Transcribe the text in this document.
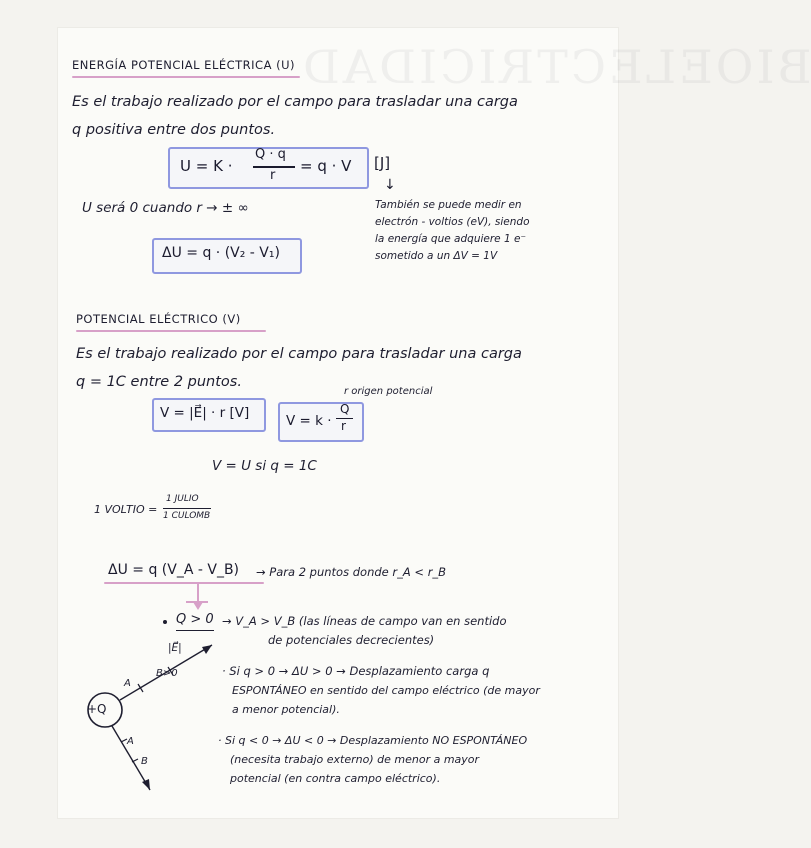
BIOELECTRICIDAD
ENERGÍA POTENCIAL ELÉCTRICA (U)
Es el trabajo realizado por el campo para trasladar una carga
q positiva entre dos puntos.
U = K ·
Q · q
r
= q · V [J]
↓
También se puede medir en
electrón - voltios (eV), siendo
la energía que adquiere 1 e⁻
sometido a un ΔV = 1V
U será 0 cuando r → ± ∞
ΔU = q · (V₂ - V₁)
POTENCIAL ELÉCTRICO (V)
Es el trabajo realizado por el campo para trasladar una carga
q = 1C entre 2 puntos.
V = |E⃗| · r [V]	V = k ·
Q
r
r origen potencial
V = U si q = 1C
1 VOLTIO =
1 JULIO
1 CULOMB
ΔU = q (V_A - V_B) → Para 2 puntos donde r_A < r_B
Q > 0 → V_A > V_B (las líneas de campo van en sentido
de potenciales decrecientes)
· Si q > 0 → ΔU > 0 → Desplazamiento carga q
ESPONTÁNEO en sentido del campo eléctrico (de mayor
a menor potencial).
· Si q < 0 → ΔU < 0 → Desplazamiento NO ESPONTÁNEO
(necesita trabajo externo) de menor a mayor
potencial (en contra campo eléctrico).
+Q
|E⃗|
A
B>0
A
B
